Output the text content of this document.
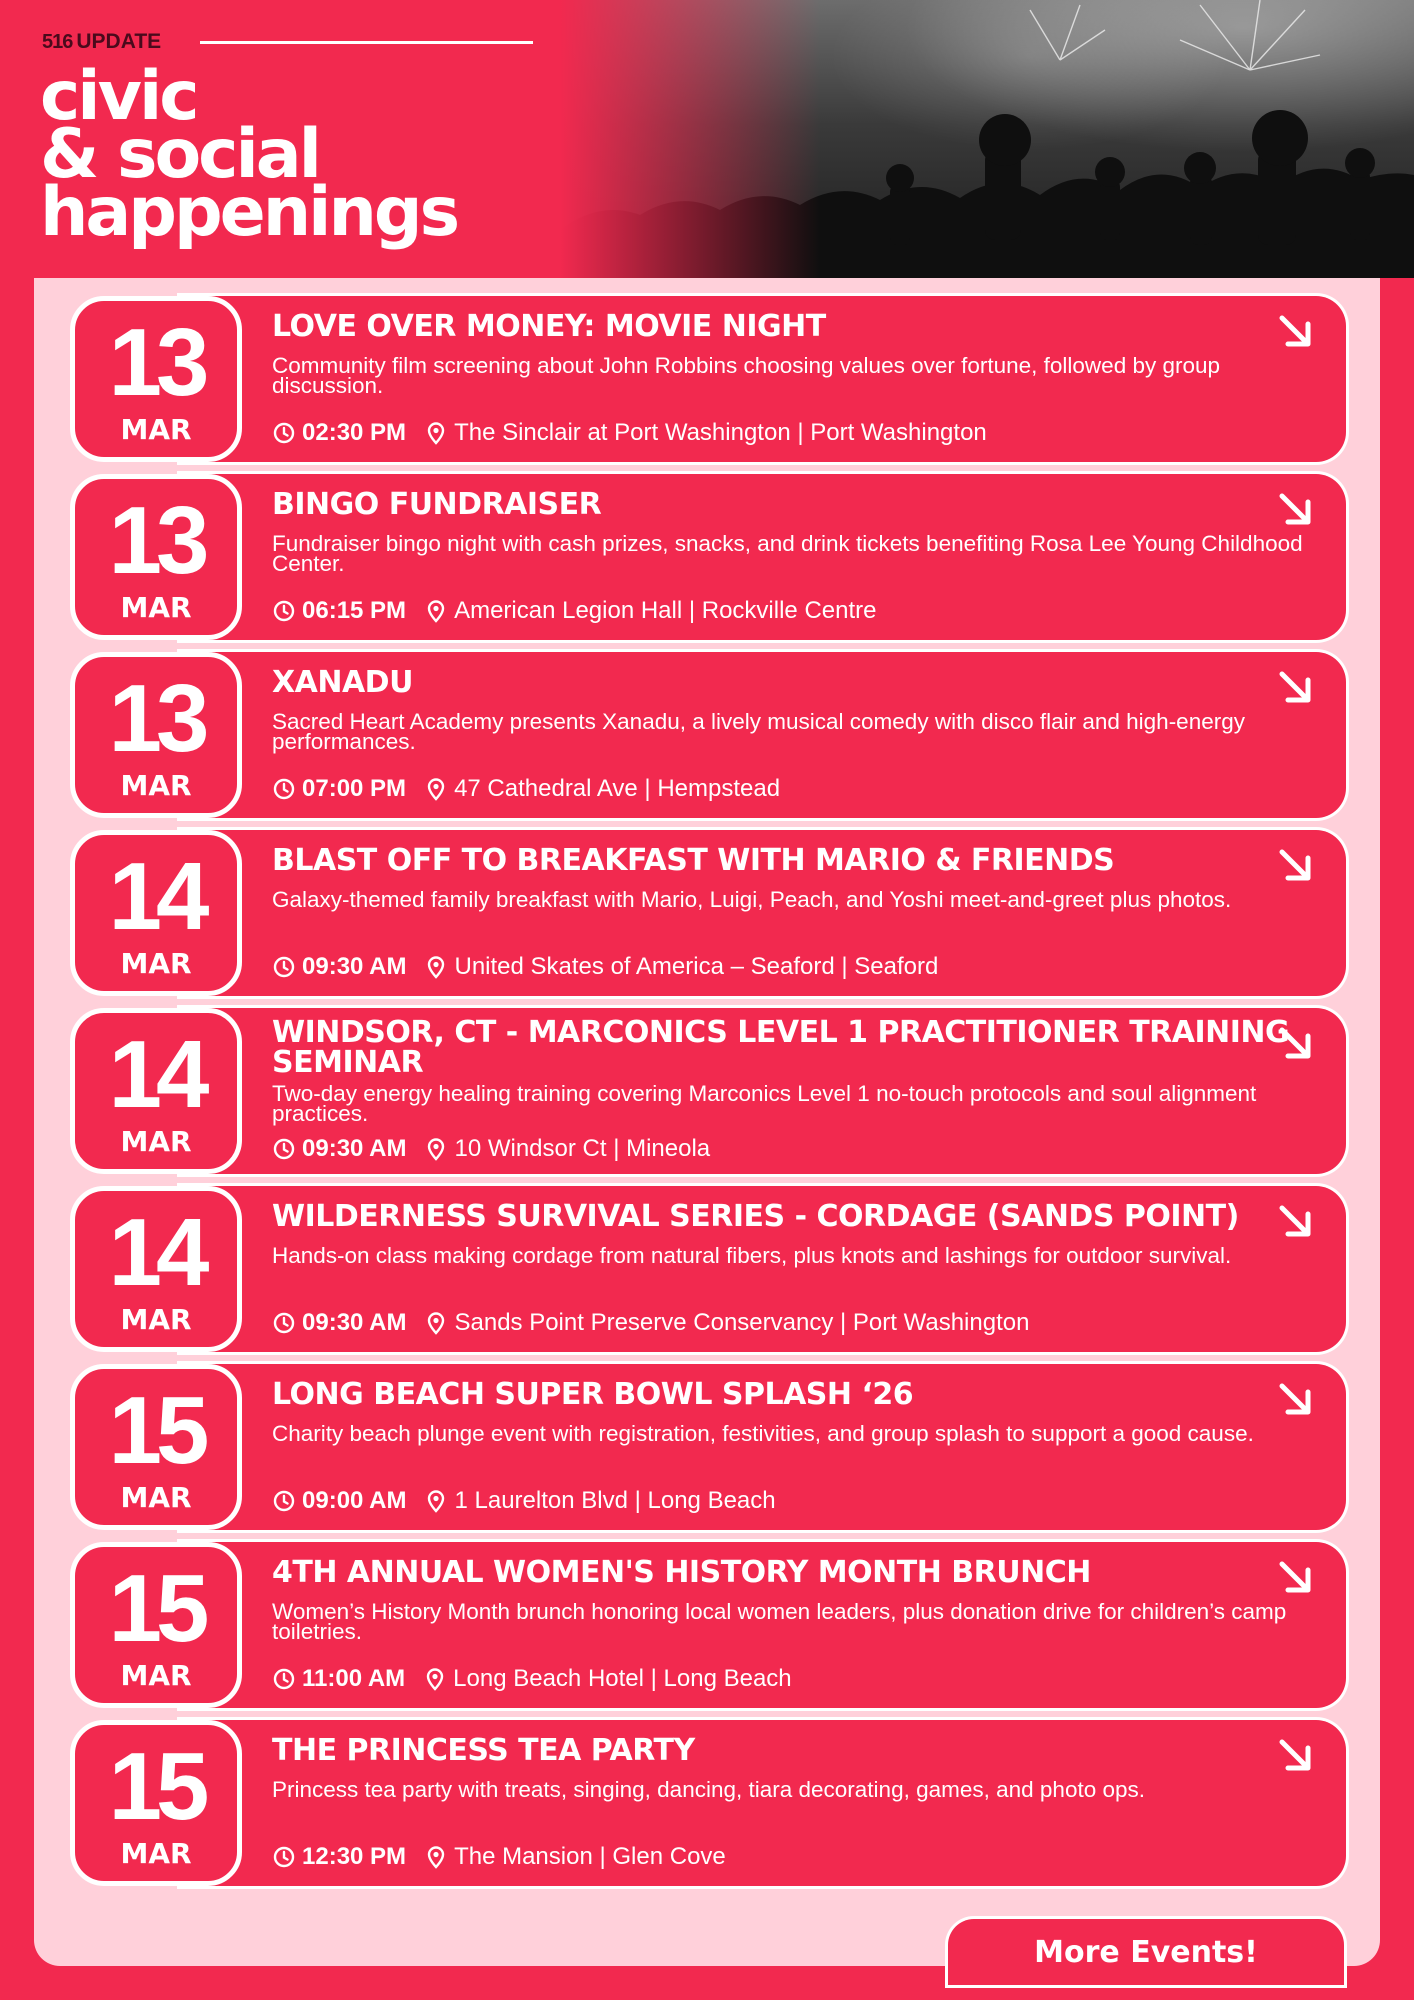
516 UPDATE
civic
& social
happenings
13
MAR
LOVE OVER MONEY: MOVIE NIGHT
Community film screening about John Robbins choosing values over fortune, followed by group discussion.
02:30 PM The Sinclair at Port Washington | Port Washington
13
MAR
BINGO FUNDRAISER
Fundraiser bingo night with cash prizes, snacks, and drink tickets benefiting Rosa Lee Young Childhood Center.
06:15 PM American Legion Hall | Rockville Centre
13
MAR
XANADU
Sacred Heart Academy presents Xanadu, a lively musical comedy with disco flair and high-energy performances.
07:00 PM 47 Cathedral Ave | Hempstead
14
MAR
BLAST OFF TO BREAKFAST WITH MARIO & FRIENDS
Galaxy-themed family breakfast with Mario, Luigi, Peach, and Yoshi meet-and-greet plus photos.
09:30 AM United Skates of America – Seaford | Seaford
14
MAR
WINDSOR, CT - MARCONICS LEVEL 1 PRACTITIONER TRAINING SEMINAR
Two-day energy healing training covering Marconics Level 1 no-touch protocols and soul alignment practices.
09:30 AM 10 Windsor Ct | Mineola
14
MAR
WILDERNESS SURVIVAL SERIES - CORDAGE (SANDS POINT)
Hands-on class making cordage from natural fibers, plus knots and lashings for outdoor survival.
09:30 AM Sands Point Preserve Conservancy | Port Washington
15
MAR
LONG BEACH SUPER BOWL SPLASH ‘26
Charity beach plunge event with registration, festivities, and group splash to support a good cause.
09:00 AM 1 Laurelton Blvd | Long Beach
15
MAR
4TH ANNUAL WOMEN'S HISTORY MONTH BRUNCH
Women’s History Month brunch honoring local women leaders, plus donation drive for children’s camp toiletries.
11:00 AM Long Beach Hotel | Long Beach
15
MAR
THE PRINCESS TEA PARTY
Princess tea party with treats, singing, dancing, tiara decorating, games, and photo ops.
12:30 PM The Mansion | Glen Cove
More Events!
